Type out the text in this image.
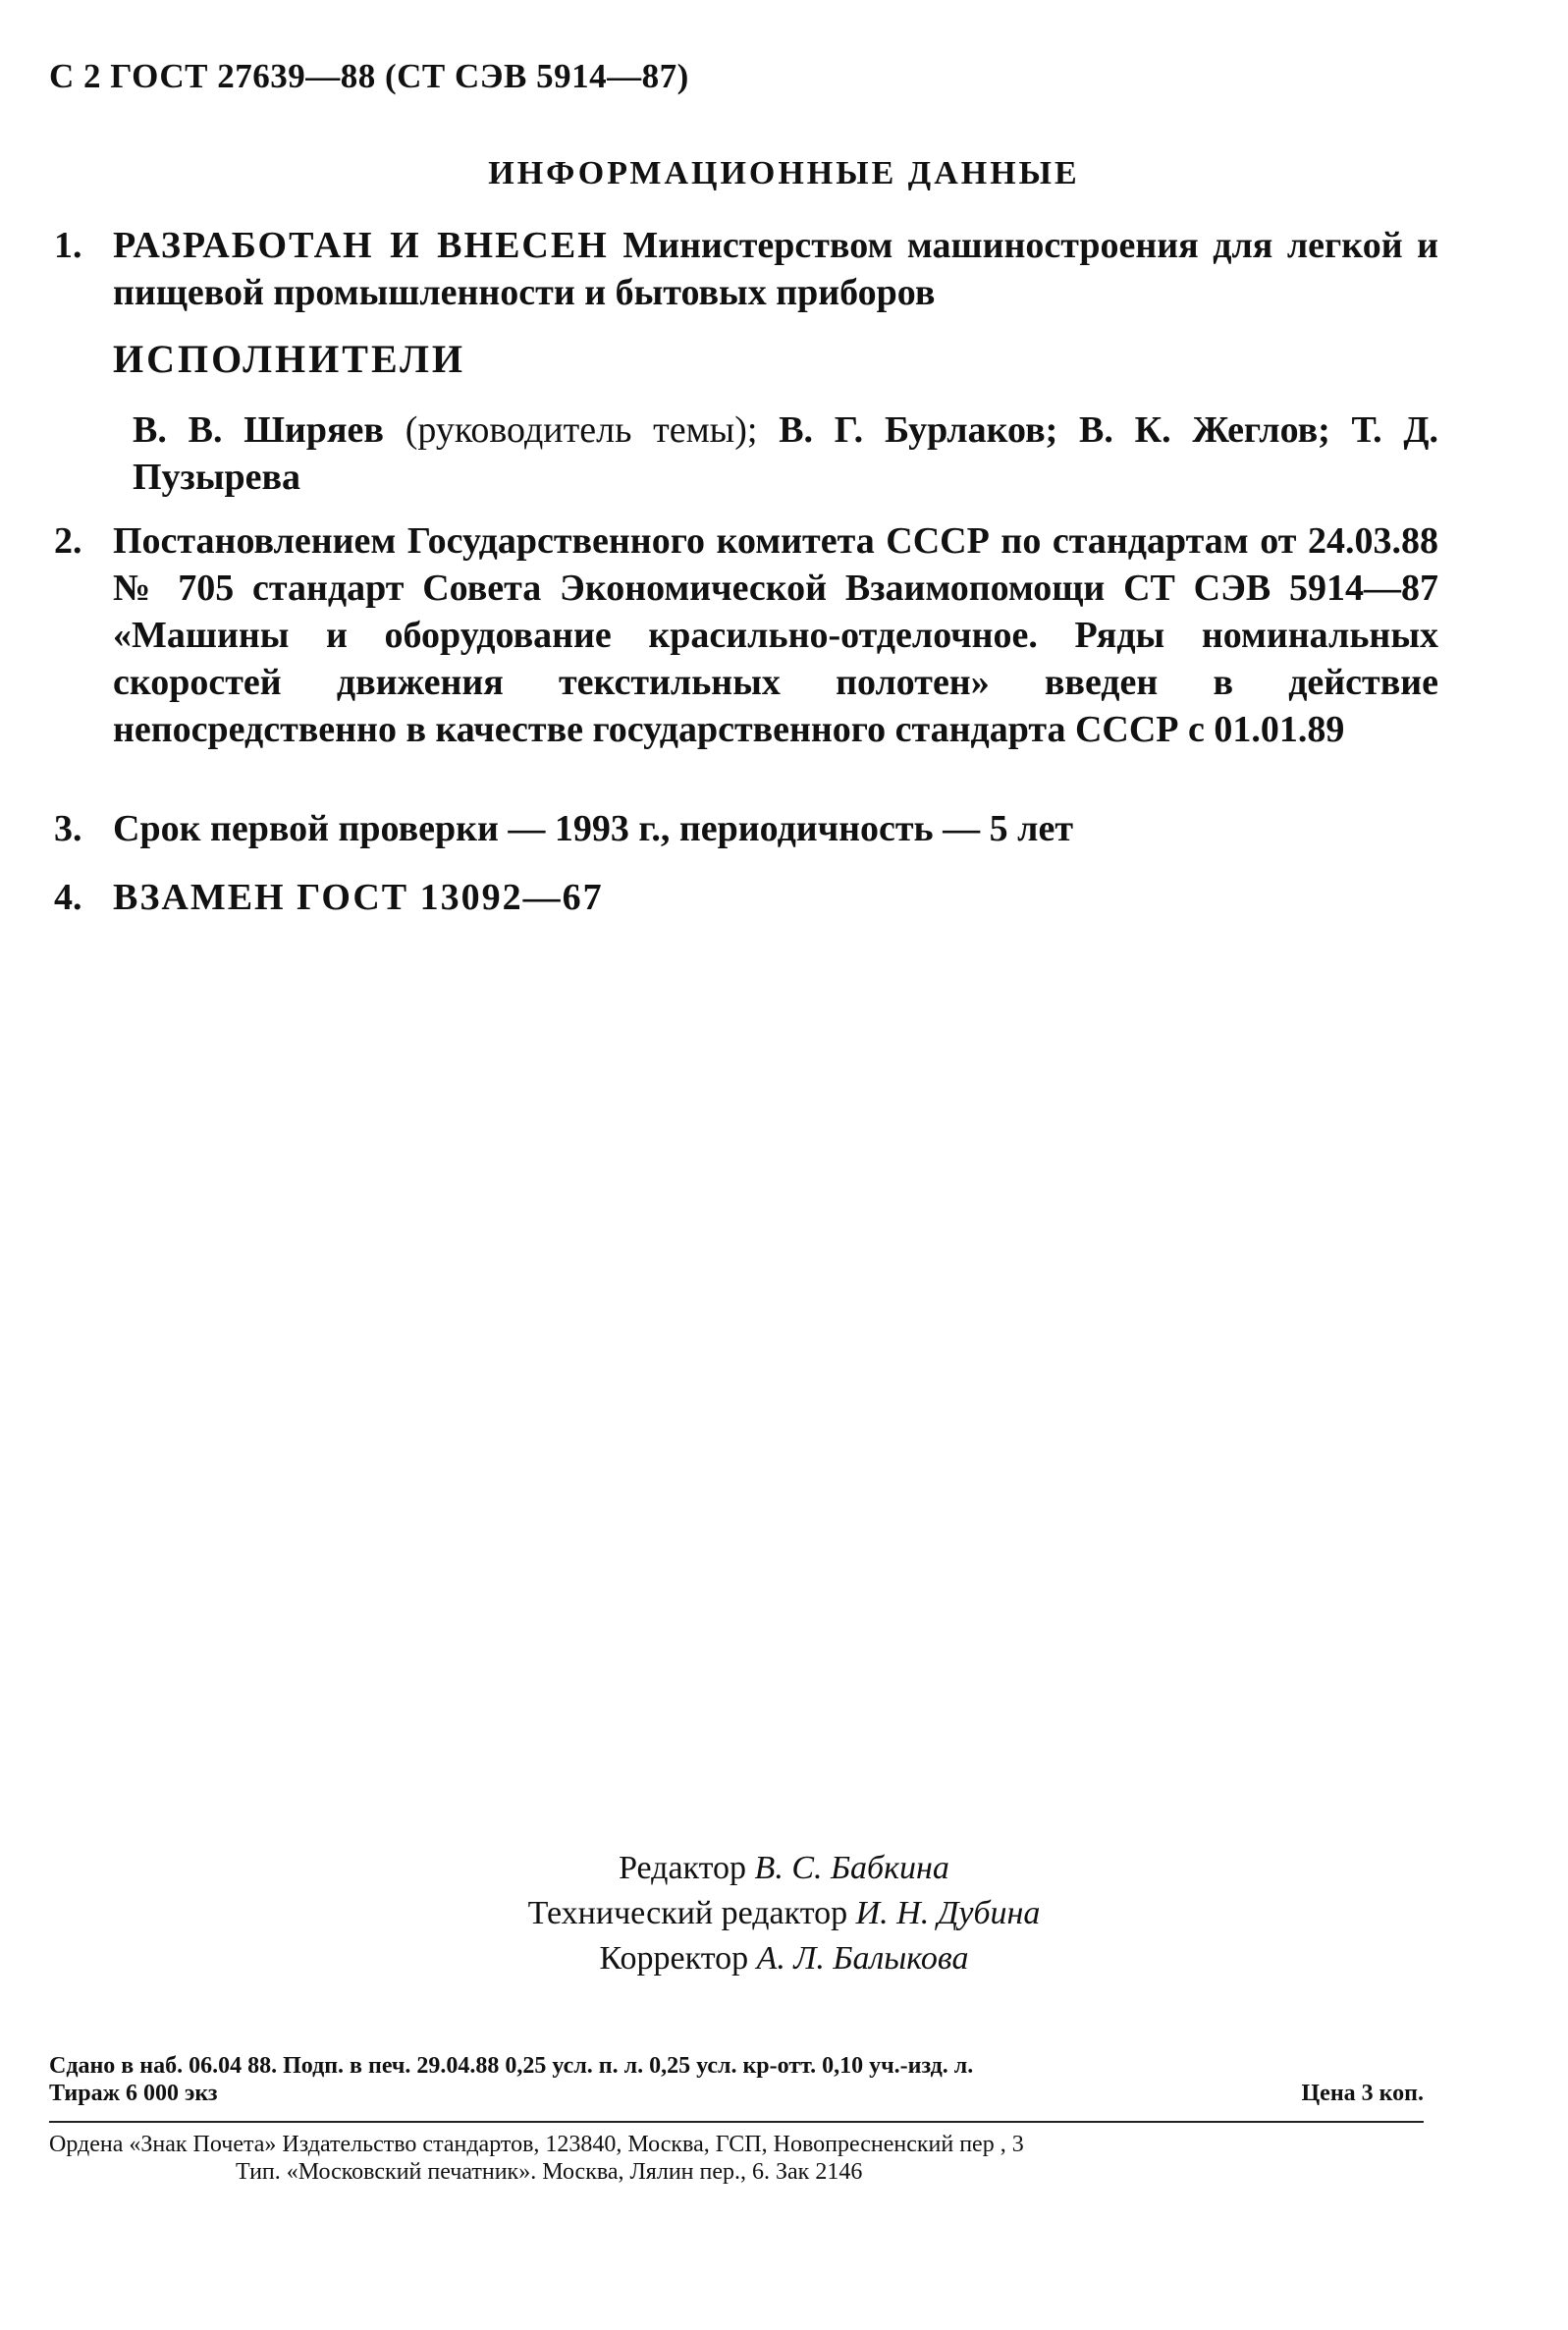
С 2 ГОСТ 27639—88 (СТ СЭВ 5914—87)
ИНФОРМАЦИОННЫЕ ДАННЫЕ
1. РАЗРАБОТАН И ВНЕСЕН Министерством машиностроения для легкой и пищевой промышленности и бытовых приборов
ИСПОЛНИТЕЛИ
В. В. Ширяев (руководитель темы); В. Г. Бурлаков; В. К. Жеглов; Т. Д. Пузырева
2. Постановлением Государственного комитета СССР по стандартам от 24.03.88 № 705 стандарт Совета Экономической Взаимопомощи СТ СЭВ 5914—87 «Машины и оборудование красильно-отделочное. Ряды номинальных скоростей движения текстильных полотен» введен в действие непосредственно в качестве государственного стандарта СССР с 01.01.89
3. Срок первой проверки — 1993 г., периодичность — 5 лет
4. ВЗАМЕН ГОСТ 13092—67
Редактор В. С. Бабкина
Технический редактор И. Н. Дубина
Корректор А. Л. Балыкова
Сдано в наб. 06.04 88. Подп. в печ. 29.04.88 0,25 усл. п. л. 0,25 усл. кр-отт. 0,10 уч.-изд. л.
Тираж 6 000 экз	Цена 3 коп.
Ордена «Знак Почета» Издательство стандартов, 123840, Москва, ГСП, Новопресненский пер , 3
Тип. «Московский печатник». Москва, Лялин пер., 6. Зак 2146
